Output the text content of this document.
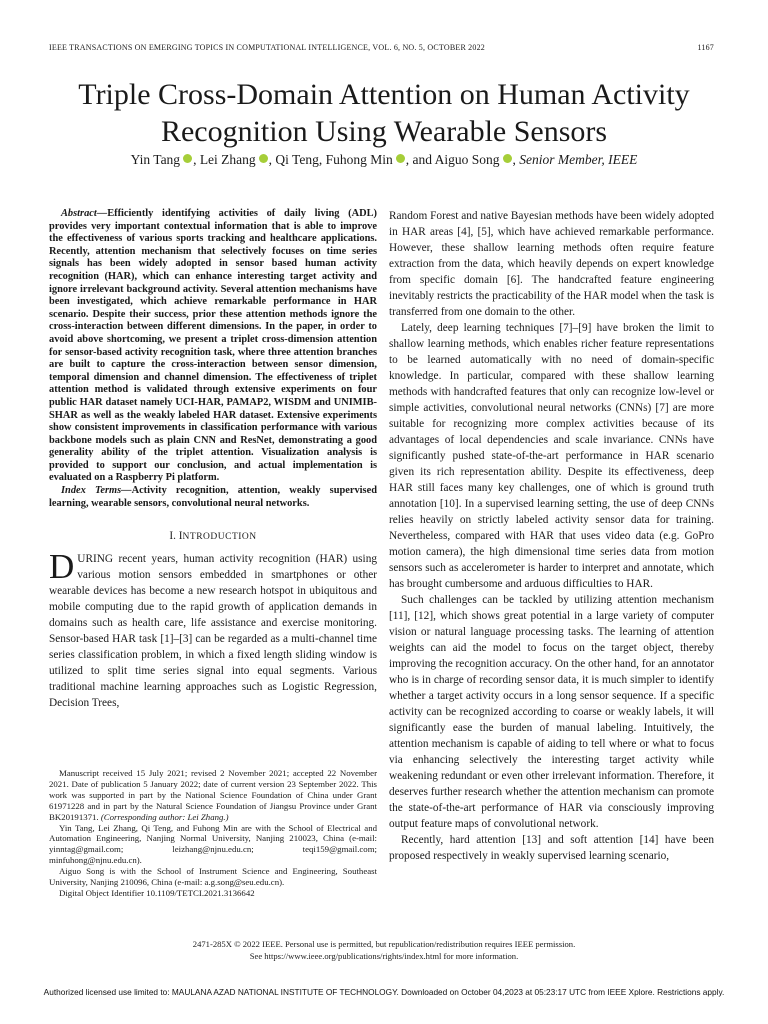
IEEE TRANSACTIONS ON EMERGING TOPICS IN COMPUTATIONAL INTELLIGENCE, VOL. 6, NO. 5, OCTOBER 2022	1167
Triple Cross-Domain Attention on Human Activity
Recognition Using Wearable Sensors
Yin Tang , Lei Zhang , Qi Teng, Fuhong Min , and Aiguo Song , Senior Member, IEEE

Abstract—Efficiently identifying activities of daily living (ADL) provides very important contextual information that is able to improve the effectiveness of various sports tracking and healthcare applications. Recently, attention mechanism that selectively focuses on time series signals has been widely adopted in sensor based human activity recognition (HAR), which can enhance interesting target activity and ignore irrelevant background activity. Several attention mechanisms have been investigated, which achieve remarkable performance in HAR scenario. Despite their success, prior these attention methods ignore the cross-interaction between different dimensions. In the paper, in order to avoid above shortcoming, we present a triplet cross-dimension attention for sensor-based activity recognition task, where three attention branches are built to capture the cross-interaction between sensor dimension, temporal dimension and channel dimension. The effectiveness of triplet attention method is validated through extensive experiments on four public HAR dataset namely UCI-HAR, PAMAP2, WISDM and UNIMIB-SHAR as well as the weakly labeled HAR dataset. Extensive experiments show consistent improvements in classification performance with various backbone models such as plain CNN and ResNet, demonstrating a good generality ability of the triplet attention. Visualization analysis is provided to support our conclusion, and actual implementation is evaluated on a Raspberry Pi platform.

Index Terms—Activity recognition, attention, weakly supervised learning, wearable sensors, convolutional neural networks.

I. INTRODUCTION

DURING recent years, human activity recognition (HAR) using various motion sensors embedded in smartphones or other wearable devices has become a new research hotspot in ubiquitous and mobile computing due to the rapid growth of application demands in domains such as health care, life assistance and exercise monitoring. Sensor-based HAR task [1]–[3] can be regarded as a multi-channel time series classification problem, in which a fixed length sliding window is utilized to split time series signal into equal segments. Various traditional machine learning approaches such as Logistic Regression, Decision Trees,

Manuscript received 15 July 2021; revised 2 November 2021; accepted 22 November 2021. Date of publication 5 January 2022; date of current version 23 September 2022. This work was supported in part by the National Science Foundation of China under Grant 61971228 and in part by the Natural Science Foundation of Jiangsu Province under Grant BK20191371. (Corresponding author: Lei Zhang.)

Yin Tang, Lei Zhang, Qi Teng, and Fuhong Min are with the School of Electrical and Automation Engineering, Nanjing Normal University, Nanjing 210023, China (e-mail: yinntag@gmail.com; leizhang@njnu.edu.cn; teqi159@gmail.com; minfuhong@njnu.edu.cn).

Aiguo Song is with the School of Instrument Science and Engineering, Southeast University, Nanjing 210096, China (e-mail: a.g.song@seu.edu.cn).

Digital Object Identifier 10.1109/TETCI.2021.3136642

Random Forest and native Bayesian methods have been widely adopted in HAR areas [4], [5], which have achieved remarkable performance. However, these shallow learning methods often require feature extraction from the data, which heavily depends on expert knowledge from specific domain [6]. The handcrafted feature engineering inevitably restricts the practicability of the HAR model when the task is transferred from one domain to the other.

Lately, deep learning techniques [7]–[9] have broken the limit to shallow learning methods, which enables richer feature representations to be learned automatically with no need of domain-specific knowledge. In particular, compared with these shallow learning methods with handcrafted features that only can recognize low-level or simple activities, convolutional neural networks (CNNs) [7] are more suitable for recognizing more complex activities because of its advantages of local dependencies and scale invariance. CNNs have significantly pushed state-of-the-art performance in HAR scenario given its rich representation ability. Despite its effectiveness, deep HAR still faces many key challenges, one of which is ground truth annotation [10]. In a supervised learning setting, the use of deep CNNs relies heavily on strictly labeled activity sensor data for training. Nevertheless, compared with HAR that uses video data (e.g. GoPro motion camera), the high dimensional time series data from motion sensors such as accelerometer is harder to interpret and annotate, which has brought cumbersome and arduous difficulties to HAR.

Such challenges can be tackled by utilizing attention mechanism [11], [12], which shows great potential in a large variety of computer vision or natural language processing tasks. The learning of attention weights can aid the model to focus on the target object, thereby improving the recognition accuracy. On the other hand, for an annotator who is in charge of recording sensor data, it is much simpler to identify whether a target activity occurs in a long sensor sequence. If a specific activity can be recognized according to coarse or weakly labels, it will significantly ease the burden of manual labeling. Intuitively, the attention mechanism is capable of aiding to tell where or what to focus via enhancing selectively the interesting target activity while weakening redundant or even other irrelevant information. Therefore, it deserves further research whether the attention mechanism can promote the state-of-the-art performance of HAR via consciously improving output feature maps of convolutional network.

Recently, hard attention [13] and soft attention [14] have been proposed respectively in weakly supervised learning scenario,

2471-285X © 2022 IEEE. Personal use is permitted, but republication/redistribution requires IEEE permission.
See https://www.ieee.org/publications/rights/index.html for more information.
Authorized licensed use limited to: MAULANA AZAD NATIONAL INSTITUTE OF TECHNOLOGY. Downloaded on October 04,2023 at 05:23:17 UTC from IEEE Xplore. Restrictions apply.
